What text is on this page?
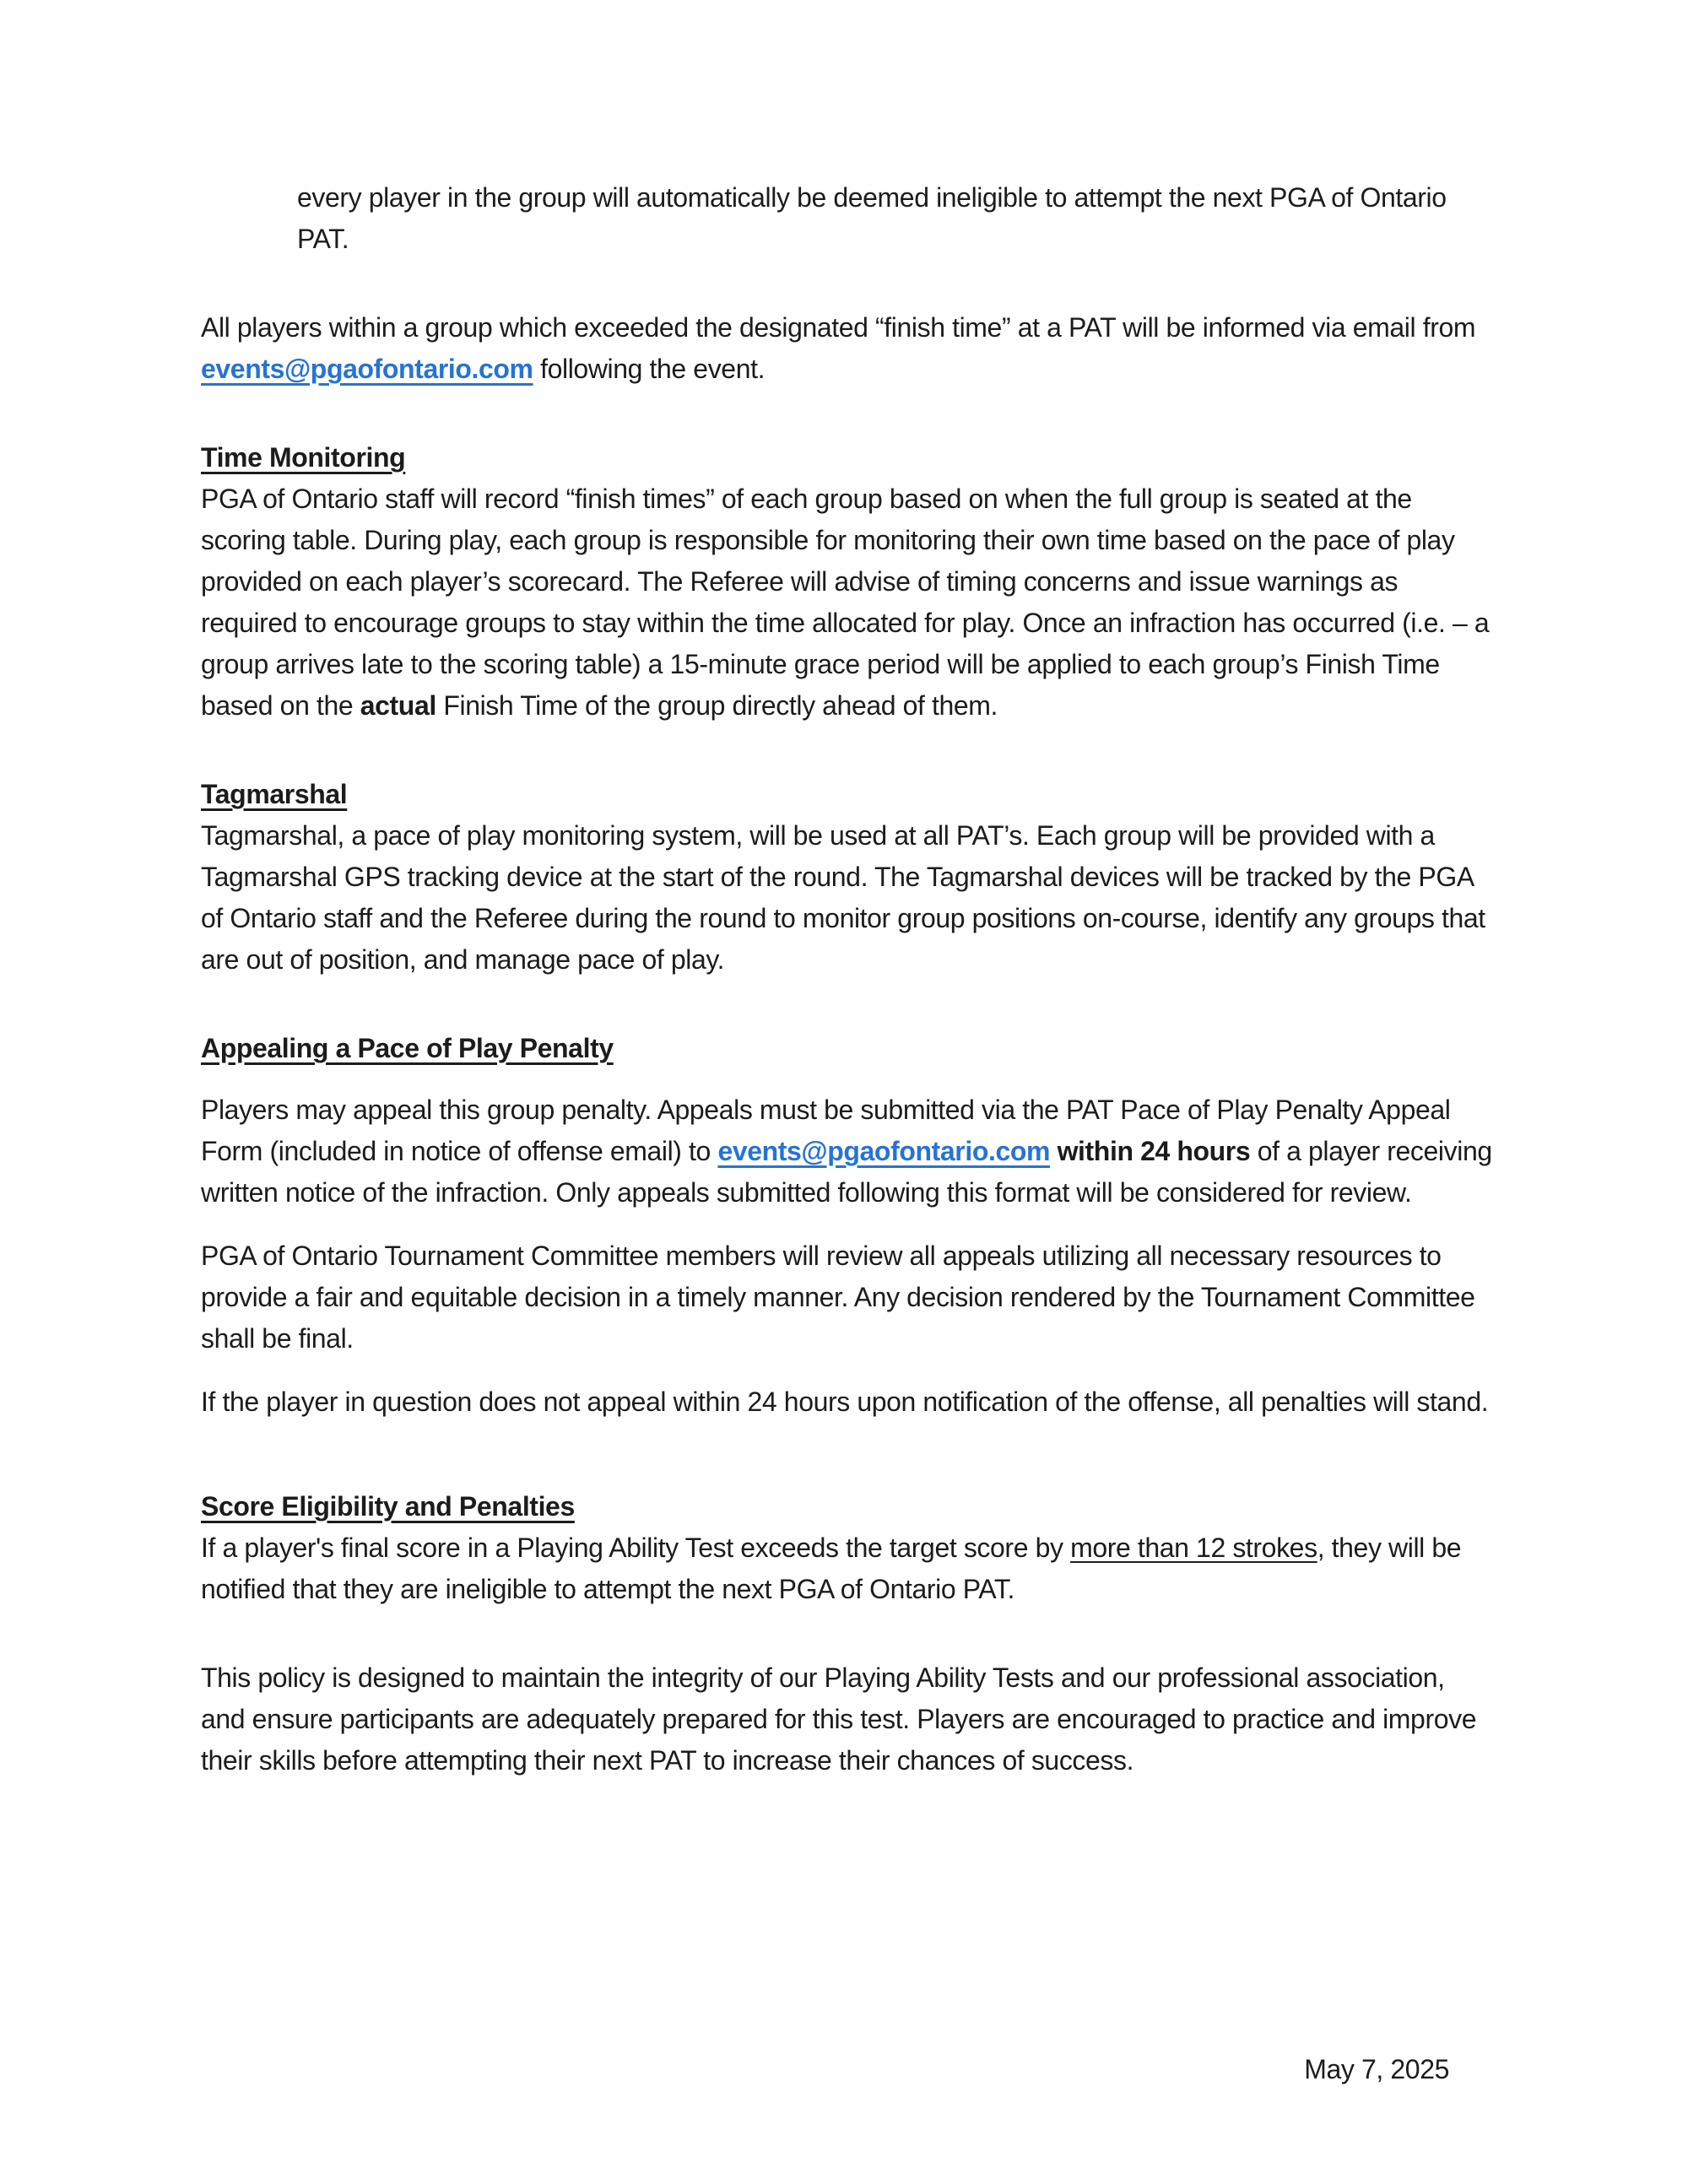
every player in the group will automatically be deemed ineligible to attempt the next PGA of Ontario PAT.

All players within a group which exceeded the designated “finish time” at a PAT will be informed via email from events@pgaofontario.com following the event.

Time Monitoring

PGA of Ontario staff will record “finish times” of each group based on when the full group is seated at the scoring table. During play, each group is responsible for monitoring their own time based on the pace of play provided on each player’s scorecard. The Referee will advise of timing concerns and issue warnings as required to encourage groups to stay within the time allocated for play. Once an infraction has occurred (i.e. – a group arrives late to the scoring table) a 15-minute grace period will be applied to each group’s Finish Time based on the actual Finish Time of the group directly ahead of them.

Tagmarshal

Tagmarshal, a pace of play monitoring system, will be used at all PAT’s. Each group will be provided with a Tagmarshal GPS tracking device at the start of the round. The Tagmarshal devices will be tracked by the PGA of Ontario staff and the Referee during the round to monitor group positions on-course, identify any groups that are out of position, and manage pace of play.

Appealing a Pace of Play Penalty

Players may appeal this group penalty. Appeals must be submitted via the PAT Pace of Play Penalty Appeal Form (included in notice of offense email) to events@pgaofontario.com within 24 hours of a player receiving written notice of the infraction. Only appeals submitted following this format will be considered for review.

PGA of Ontario Tournament Committee members will review all appeals utilizing all necessary resources to provide a fair and equitable decision in a timely manner. Any decision rendered by the Tournament Committee shall be final.

If the player in question does not appeal within 24 hours upon notification of the offense, all penalties will stand.

Score Eligibility and Penalties

If a player's final score in a Playing Ability Test exceeds the target score by more than 12 strokes, they will be notified that they are ineligible to attempt the next PGA of Ontario PAT.

This policy is designed to maintain the integrity of our Playing Ability Tests and our professional association, and ensure participants are adequately prepared for this test. Players are encouraged to practice and improve their skills before attempting their next PAT to increase their chances of success.

May 7, 2025
